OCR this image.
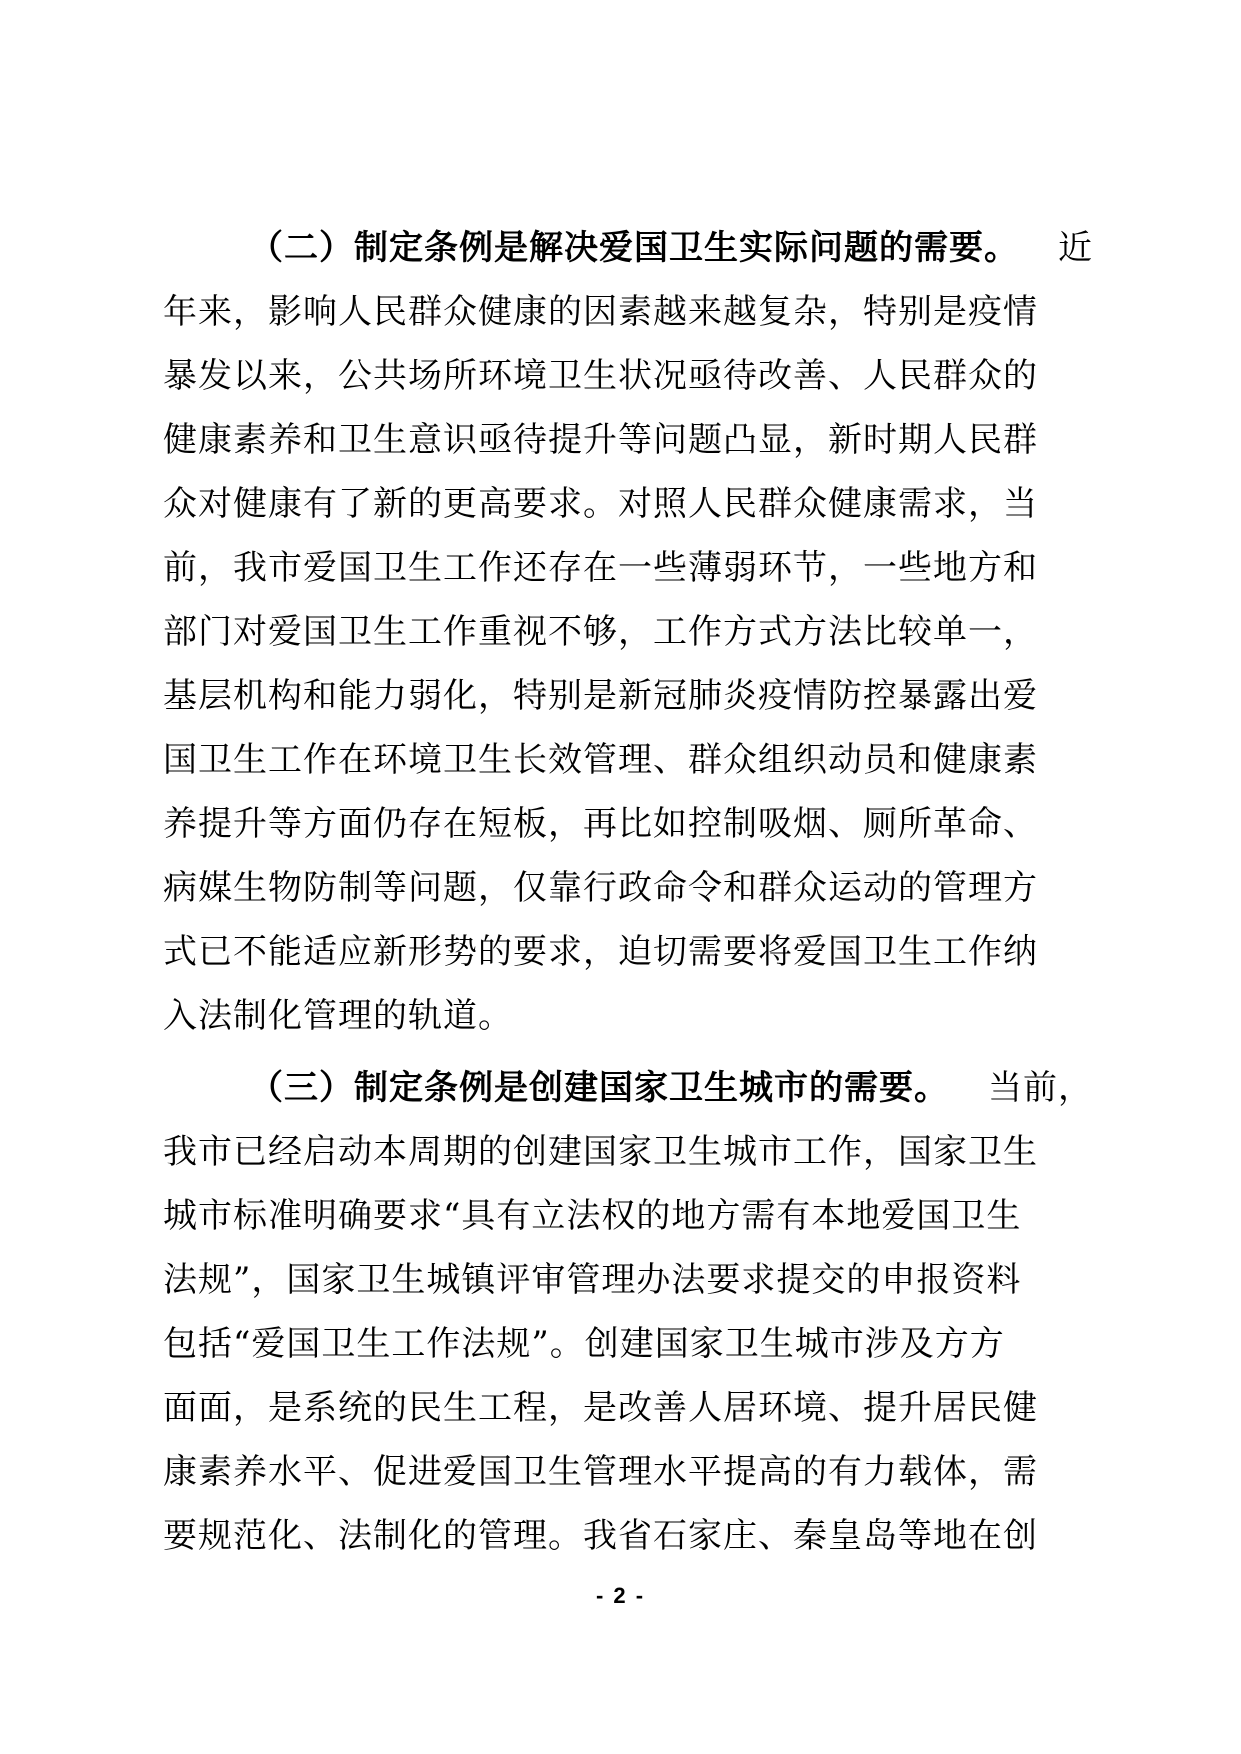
（二）制定条例是解决爱国卫生实际问题的需要。 近
年来，影响人民群众健康的因素越来越复杂，特别是疫情
暴发以来，公共场所环境卫生状况亟待改善、人民群众的
健康素养和卫生意识亟待提升等问题凸显，新时期人民群
众对健康有了新的更高要求。对照人民群众健康需求，当
前，我市爱国卫生工作还存在一些薄弱环节，一些地方和
部门对爱国卫生工作重视不够，工作方式方法比较单一，
基层机构和能力弱化，特别是新冠肺炎疫情防控暴露出爱
国卫生工作在环境卫生长效管理、群众组织动员和健康素
养提升等方面仍存在短板，再比如控制吸烟、厕所革命、
病媒生物防制等问题，仅靠行政命令和群众运动的管理方
式已不能适应新形势的要求，迫切需要将爱国卫生工作纳
入法制化管理的轨道。
（三）制定条例是创建国家卫生城市的需要。 当前，
我市已经启动本周期的创建国家卫生城市工作，国家卫生
城市标准明确要求“具有立法权的地方需有本地爱国卫生
法规”，国家卫生城镇评审管理办法要求提交的申报资料
包括“爱国卫生工作法规”。创建国家卫生城市涉及方方
面面，是系统的民生工程，是改善人居环境、提升居民健
康素养水平、促进爱国卫生管理水平提高的有力载体，需
要规范化、法制化的管理。我省石家庄、秦皇岛等地在创
- 2 -
